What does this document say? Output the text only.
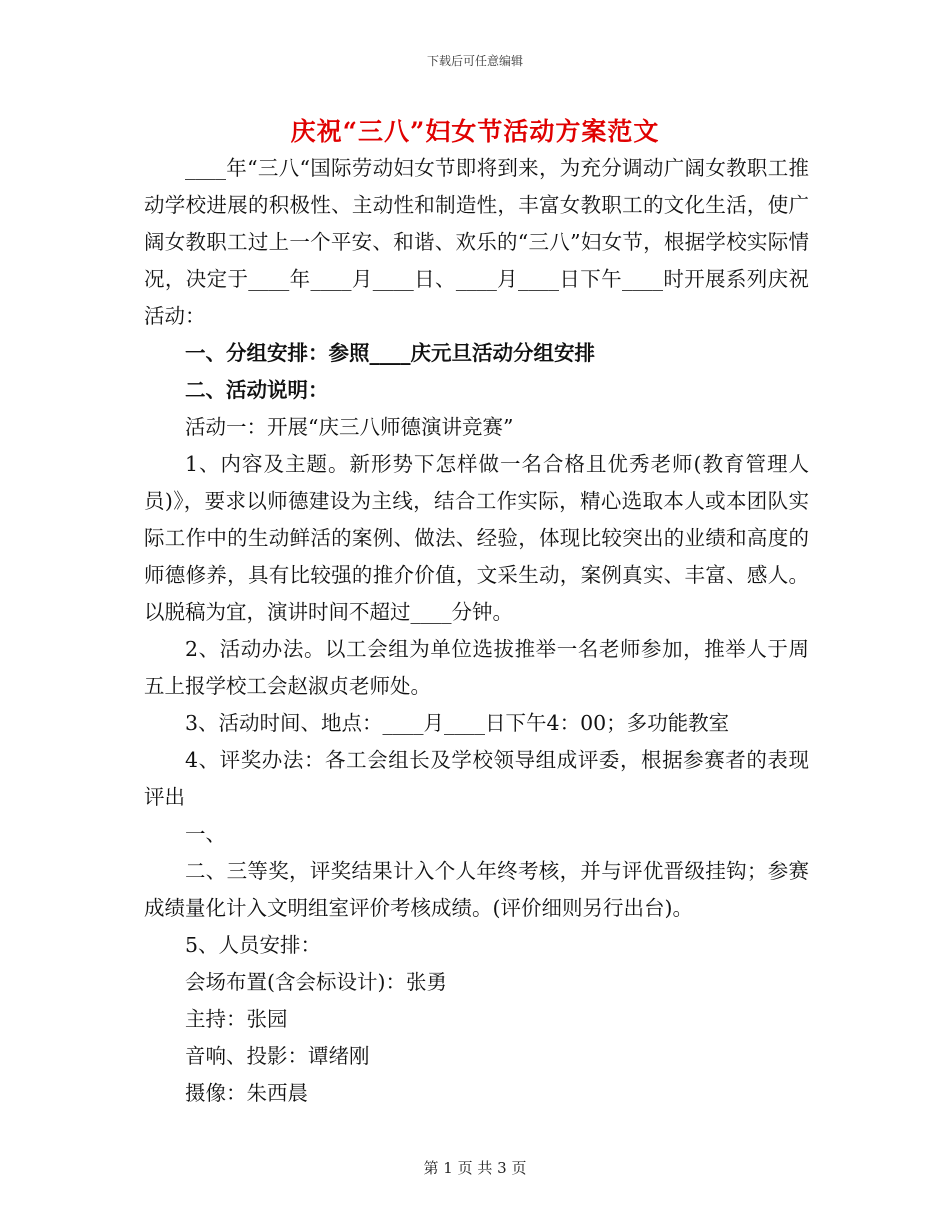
下载后可任意编辑
庆祝“三八”妇女节活动方案范文

____年“三八“国际劳动妇女节即将到来，为充分调动广阔女教职工推动学校进展的积极性、主动性和制造性，丰富女教职工的文化生活，使广阔女教职工过上一个平安、和谐、欢乐的“三八”妇女节，根据学校实际情况，决定于____年____月____日、____月____日下午____时开展系列庆祝活动：

一、分组安排：参照____庆元旦活动分组安排

二、活动说明：

活动一：开展“庆三八师德演讲竞赛”

1、内容及主题。新形势下怎样做一名合格且优秀老师(教育管理人员)》，要求以师德建设为主线，结合工作实际，精心选取本人或本团队实际工作中的生动鲜活的案例、做法、经验，体现比较突出的业绩和高度的师德修养，具有比较强的推介价值，文采生动，案例真实、丰富、感人。以脱稿为宜，演讲时间不超过____分钟。

2、活动办法。以工会组为单位选拔推举一名老师参加，推举人于周五上报学校工会赵淑贞老师处。

3、活动时间、地点：____月____日下午4：00；多功能教室

4、评奖办法：各工会组长及学校领导组成评委，根据参赛者的表现评出

一、

二、三等奖，评奖结果计入个人年终考核，并与评优晋级挂钩；参赛成绩量化计入文明组室评价考核成绩。(评价细则另行出台)。

5、人员安排：

会场布置(含会标设计)：张勇

主持：张园

音响、投影：谭绪刚

摄像：朱西晨

第 1 页 共 3 页
